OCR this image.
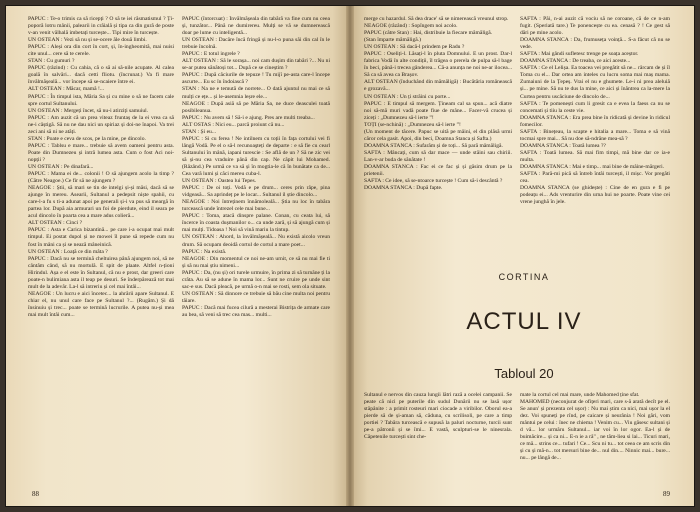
PAPUC : Te-o trimis ca să ricepți ? O să te iei răsmatismul ? Ți-poporă lotru mânii, palearii in crăială și tipa ca din gură de poste v-an venit vălhală imbetați turcește... Tipi mire în turcește.

UN OSTEAN : Vezi să nu și se-ocere ăle două limbi.

PAPUC : Aleși ora din cort în cort, și, în-ingheomită, mai nuisi cite unul... cere să te cerele.

STAN : Cu gumuri ?

PAPUC (râzind) : Cu cahia, că o să ai să-nile acupate. Al calea goală în salvări... dacă cetti fliotu. (încrunat.) Va fi mare învălmășeală... vor începe să se-ncaiere între ei.

ALT OSTEAN : Măcar, mamă !...

PAPUC : În timpul ista, Măria Sa și cu mine o să ne facem cale spre cortul Sultanului.

UN OSTEAN : Mergeți încet, să nu-i atirziți samuiul.

PAPUC : Am auzit că un prea viteaz fruntaș de la ei vrea ca să ne-i câștigă. Să nu ne dau nici un spiriaz și doi-ne înapoi. Va trei zeci ani să ni ne atăți.

STAN : Poate e ceva de scos, pe la mine, pe dincolo.

PAPUC : Tablsu e mare... trebuie să avem oameni pentru asta. Poate din Dumnezeu și intră lumea asta. Cum o fost Aci noi-nopții ?

UN OSTEAN : Pe dinafară...

PAPUC : Mama ei de... colonii ! O să ajungem acolo la timp ? (Către Neagoe.) Ce fir să ne ajungem ?

NEAGOE : Știi, să mari se tin de intelgi și-și măsi, dacă să se ajunge în mereu. Asearii, Sultanul a pedepsit niște spahii, cu care-l-a fu s ti-a adunat apoi pe generali și-i va pus să meargă în partea lor. După aia armurari un foi de pierdute, eind il seara pe acul dincolo în poarta cea a mare adus colieră...

ALT OSTEAN : Cinci ?

PAPUC : Asta e Carica bizantină... pe care i-a ocupat mai mult timpul. Ei postat dupol și ne mowei îl pune să repede cum nu fost în mâni ca și se nează mâneinică.

UN OSTEAN : Loață ce din mâta ?

PAPUC : Dacă nu se termină cheltuirea până ajungem noi, să ne cântăm când, să nu mortulă. E spit de plaate. Altfel n-ționi Hirindul. Așa e el este în Sultanul, că nu e prost, dar greeri care poate-n bulimiana asta il teap pe desuri. Se înderpărează tot mai mult de la adevăr. La-l să intreriu și cel mai întâi...

NEAGOE : Un lucru e aici încetec... la ahrării apare Sultanul. E chiar el, nu unul care face pe Sultanul ?... (Rugăm.) Și dă însinuiu și trec... poate se termină lucrurile. A putea nu-și mea mai mult întâi cum...

PAPUC (întorcuat) : Învălmășeala din tabără va fine cum nu ceea și, tunzător... Până ne dumirereu. Mulți se vă se dumnerească doar pe lume cu inteligentă...

UN OSTEAN : Dacăre încă fringă și nu-l-o puna săi din cal în le trebuie încolnă.

PAPUC : E totul ingrele ?

ALT OSTEAN : Să le sorașa... noi cam dușim din tabări ?... Nu ni se-ar putea sănătoși tot... După ce se cineștim ?

PAPUC : După căciurile de tepuze ! Tu mijî pe-asta care-l începe ascurte... Eu sc în îndoiască ?

STAN : Na ne e temută de norrete... O dată ajuntul nu mai ce să mulți ce ețe... și le-asemnia leșre ele...

NEAGOE : După asiă să pe Măria Sa, ne duce deasculei toată posibileanua.

PAPUC : Nu avem să ! Să-i e ajung. Pres are multi treaba...

ALT OSTAS : Nici eu... parcă proiunt că nu...

STAN : Și eu...

PAPUC : Si cu ferea ! Ne intilnem cu toții în fața cortului vei fi lângă Vodă. Pe el o să-l recunoaşteți de departe : e să fie cu cearl Sultanului în mână, iapani turescie : Se află de un ? Să ne zic vei să și-nu cea vraduire până din cap. Ne căpit lui Mohamed. (Râzând.) Pe urmă ce va să și în mogtia-le că în bunătate ca de... Cea vară lumi și căci mereu cuba-l.

UN OSTEAN : Oastea lui Tepes.

PAPUC : De oi toți. Vodă e pe drum... ceres prin râpe, pina vidgeasă... Sa aprindeț pe le locar... Sultanul il știe dincolo...

NEAGOE : Noi întreținem înnămoleală... Știa nu loc în tabăra turcească unde întrezel cele mai bune...

PAPUC : Toma, atacă dinspre palane. Conan, cu ceata lui, să încerce în coasta dușmanilor o... ca unde zară, și să ajungă cum și mai mulți. Tidoasa ! Noi să vină mariu la tintup.

UN OSTEAN : Ahord, la învălmășeală... Nu există aicolo vreun drum. Să ocupam deoidă cortul de cortul a mare poet...

PAPUC : Na există.

NEAGOE : Din momentul ce noi ne-am urnit, ce să nu mai fie ti și să nu mai știu nimeni...

PAPUC : Da, (nu și) ori turele urmuire, în prima zi să turnăne ți la crăta. Au să se adune în mama lor... Sunt ne cruire pe unde sint sac-e sus. Dacă pleacă, pe urmă o-n mai se rosti, sem ola situate.

UN OSTEAN : Să dinnore ce trebuie să bău cine multa noi pentru tăiare.

PAPUC : Dacă mai fucea cilură a mesterai Bistrița de armate care au bea, să veni să trec cea mas... multi...

88

merge cu hazardul. Să dea drace' să se nimerească vreunul strop.

NEAGOE (râzând) : Sopîngem noi acolo.

PAPUC (către Stan) : Hai, distribuie la fiecare mămăligă.

(Stan împarte mămăligă.)

UN OSTEAN : Să dacă-l prindem pe Radu ?

PAPUC : Oseliți-l. Lăsați-l în pluta Domnului. E un prost. Dar-l fabrica Vodă în alte condiții, îl trăgea o prerela de pulpa să-l bage în beci, până-i trecea gânderea... Că-a anunța ne noi ne-ar ilocea... Să ca să avea ca Brașov.

ALT OSTEAN (înduchând din mămăligă) : Bucătăria românească e grozavă...

UN OSTEAN : Un ți străini cu porte...

PAPUC : E timpul să mergem. Țineam cal sa spun... acă diatre noi să-mă muri vadă poate fiue de mâne... Facer-vă crucea și ziceți : „Dumnezeu să-l ierte ”!

TOȚI (se-nchină) : „Dumnezeu să-l ierte ”!

(Un moment de tăcere. Papuc se uită pe mâini, el din plăsă urmi căror cela gasit. Apoi, din beci, Doamna Stanca și Safta.)

DOAMNA STANCA : Sufarăm și de toți... Să pară mâmăligă.

SAFTA : Mâncați, cum să dar mace — unde stăini sau chiriii. Lan-v-ar buda de sănătate !

DOAMNA STANCA : Fac ei ce fac și și găsim drum pe la prietenii.

SAFTA : Ce idee, să se-ntoarce turcește ! Cum să-i descântă ?

DOAMNA STANCA : După fapte.

SAFTA : Păi, n-ai auzit că vociu să ne coroane, că de ce n-am fugit. (Speriată tare.) Te ponencește cu ea. cenasă ? ! Ce gest să dări pe mine acolo.

DOAMNA STANCA : Da, frumuseța voință... S-a fâcut că nu se vede.

SAFTA : Mai gândi sufletesc trenge pe soața aceștor.

DOAMNA STANCA : De treaba, ce aici aceste...

SAFTA : Ce el Lelișa. Ea toacea vei pregătit să ne... rârcam de și îl Toma cu el... Dar ortea am inteles cu lucru soma mai maș mama. Zumaiuni de la Țepeș. Vrai el nu e ghumete. Le-i ni prea aleluiă și... pe mine. Să nu te dus la mine, ce aici și înăntrea ca la-mere la Curtea pentru uscăciune de dincolo de...

SAFTA : Te pomenești cum li gresit ca e evea la faess ca nu se concemati și tiiu la ceste vie.

DOAMNA STANCA : Era prea bine în ridicată și devine în ridicul fomecilor.

SAFTA : Binețeau, la scapte e hitalia a mare... Toma e să vină tocmai spre mai... Să nu doe să-ndrăne mea-să ?

DOAMNA STANCA : Toată lumea ??

SAFTA : Toată lumea. Să mai fim timpi, mă bine dar ce ia-e multa.

DOAMNA STANCA : Mai e timp... mai bine de mâine-mărgeri.

SAFTA : Pară-mi pică să întreb întâi turcești, il mișc. Vor pregăti cea.

DOAMNA STANCA (se ghidește) : Cine de en gura e fi pe podeațu ei... Ads vrenturire din urna hui ne poarte. Poate vine cei vrene junghă în jele.

CORTINA
ACTUL IV
Tabloul 20

Sultanul e nervos din cauza lungii lătri rază a ocelei campanii. Se peate că nici pe puterile din sudul Dunării nu se lasă ușor stăpânite : a primit rosteuri mari ciocade a viribilor. Oborul ea-a pierde să de și-aman să, căduna, cu scrilisoli, pe care a timp portiei ? Tabăra turcească e supusă la paluri nocturne, turcii sunt pe-a pătronii și se îmi... E vastă, sculpturi-se le ninesrala. Căpetenile turcești sint che-

mate la cortul cel mai mare, unde Mahomed ține sfat.

MAHOMED (neconjurat de ofițeri mari, care s-ă arată decît pe el. Se anun' și prezenta cel ușor) : Nu mai știm ca nici, mai ușor la el dez. Voi spuneți pe rînd, pe caicare și neurânia ! Noi gări, vom mântui pe celui : înec ne chiema ! Venim cu... Viu găsesc sultani și d vă... lor urmăru Sultanul... iar voi în lor ogor. Ea-l și de buimăcire... și ca ni... E-n ie a râ" , ne tăm-liea si lai... Ticuri mari, ce mă... strins ce... tufari ! Ce... Scu ni tu... tot ceea ce am scris din și cu și mă-n... tot mersuri bine de... nul din.... Ninnic mai... bure... nu... pe lângă de...

89
